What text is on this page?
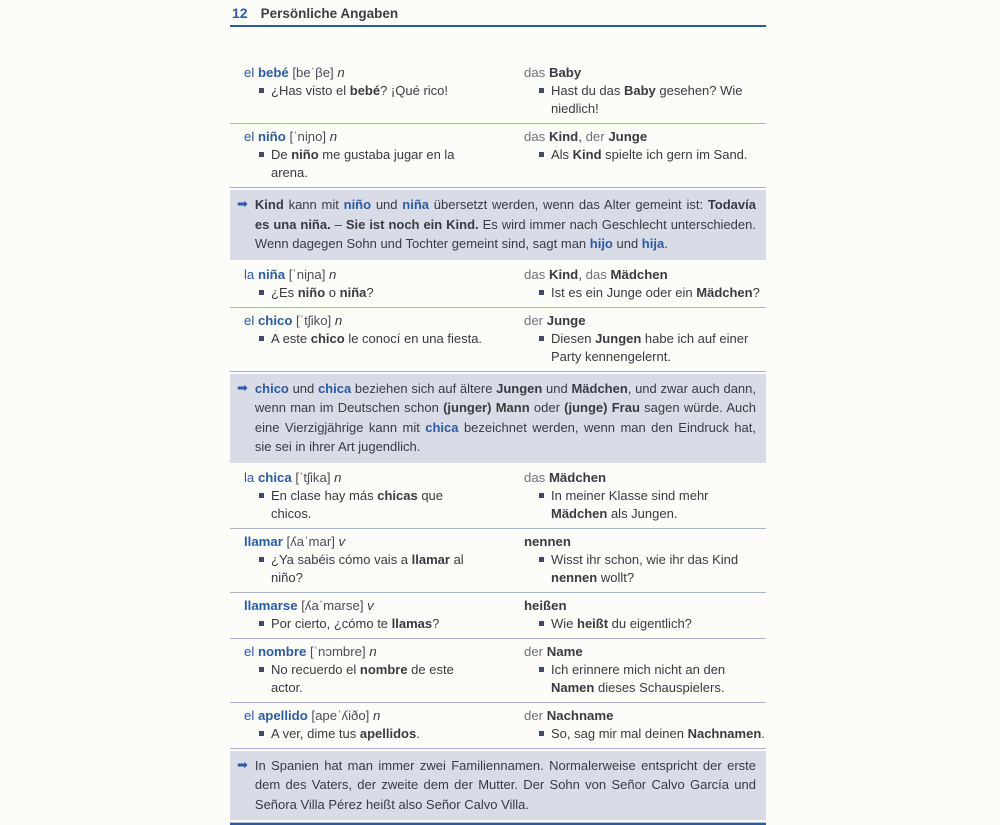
12 Persönliche Angaben
el bebé [beˈβe] n
¿Has visto el bebé? ¡Qué rico!
das Baby
Hast du das Baby gesehen? Wie niedlich!
el niño [ˈniɲo] n
De niño me gustaba jugar en la arena.
das Kind, der Junge
Als Kind spielte ich gern im Sand.
➡ Kind kann mit niño und niña übersetzt werden, wenn das Alter gemeint ist: Todavía es una niña. – Sie ist noch ein Kind. Es wird immer nach Geschlecht unterschieden. Wenn dagegen Sohn und Tochter gemeint sind, sagt man hijo und hija.
la niña [ˈniɲa] n
¿Es niño o niña?
das Kind, das Mädchen
Ist es ein Junge oder ein Mädchen?
el chico [ˈtʃiko] n
A este chico le conocí en una fiesta.
der Junge
Diesen Jungen habe ich auf einer Party kennengelernt.
➡ chico und chica beziehen sich auf ältere Jungen und Mädchen, und zwar auch dann, wenn man im Deutschen schon (junger) Mann oder (junge) Frau sagen würde. Auch eine Vierzigjährige kann mit chica bezeichnet werden, wenn man den Eindruck hat, sie sei in ihrer Art jugendlich.
la chica [ˈtʃika] n
En clase hay más chicas que chicos.
das Mädchen
In meiner Klasse sind mehr Mädchen als Jungen.
llamar [ʎaˈmar] v
¿Ya sabéis cómo vais a llamar al niño?
nennen
Wisst ihr schon, wie ihr das Kind nennen wollt?
llamarse [ʎaˈmarse] v
Por cierto, ¿cómo te llamas?
heißen
Wie heißt du eigentlich?
el nombre [ˈnɔmbre] n
No recuerdo el nombre de este actor.
der Name
Ich erinnere mich nicht an den Namen dieses Schauspielers.
el apellido [apeˈʎiðo] n
A ver, dime tus apellidos.
der Nachname
So, sag mir mal deinen Nachnamen.
➡ In Spanien hat man immer zwei Familiennamen. Normalerweise entspricht der erste dem des Vaters, der zweite dem der Mutter. Der Sohn von Señor Calvo García und Señora Villa Pérez heißt also Señor Calvo Villa.
